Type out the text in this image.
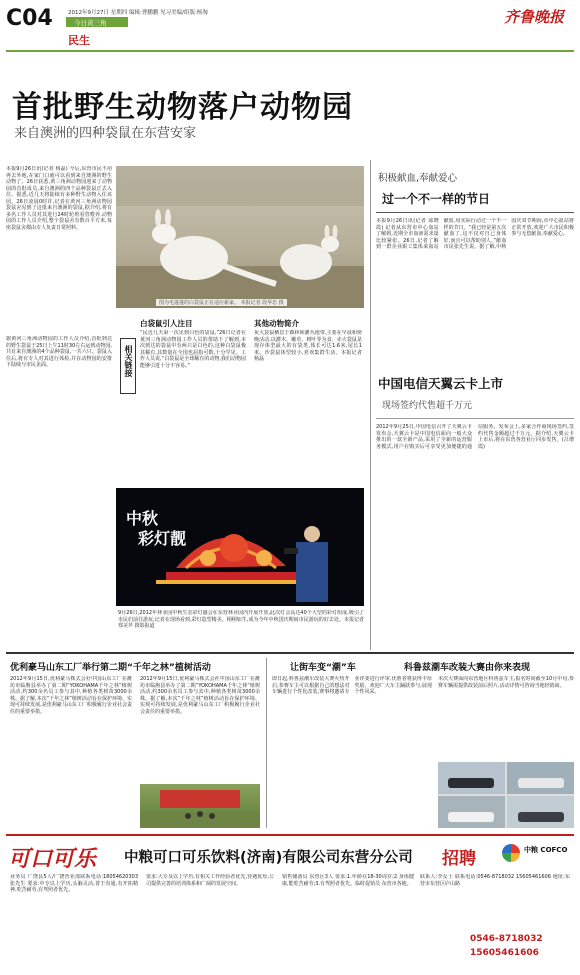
C04	2012年9月27日 星期四 编辑:曹鹏鹏 见习美编/组版:杨淘
今日黄三角
民生
齐鲁晚报
首批野生动物落户动物园
来自澳洲的四种袋鼠在东营安家
本报9月26日讯(记者 杨磊) 今后,东营市民不用再去外地,在家门口就可以看到来自澳洲的野生动物了。26日获悉,黄三角洲动物园迎来了动物园的首批成员,来自澳洲的四个品种袋鼠正式入住。据悉,近几天将陆续有多种野生动物入住该园。26日凌晨0时许,记者在黄河三角洲动物园袋鼠舍见到了这批来自澳洲的袋鼠,据介绍,将有多名工作人员对其进行24时轮班看管喂养,动物园的工作人员介绍,整个袋鼠舍有数百平方米,每座袋鼠舍都由专人负责日常照料。
据黄河三角洲动物园的工作人员介绍,首批到达的野生袋鼠于25日上午11时30左右运到动物园,共有来自澳洲的4个品种袋鼠,一共六只。袋鼠入住后,将有专人对其进行体检,并在动物园的安排下陆续与市民见面。
图为毛蓬蓬的白袋鼠正在适应新家。 本报记者 段华忠 摄
相关链接
白袋鼠引人注目
“民近几天第一次见到白色的袋鼠,”26日记者在黄河三角洲动物园工作人员的帮助下了解到,本次到达的袋鼠中有两只是白色的,这种白袋鼠极其稀有,其数量在全国也屈指可数,十分罕见。工作人员说,“白袋鼠是全球稀有的动物,我们动物园能够引进十分不容易。”
其他动物简介
灰大袋鼠栖息于森林和灌丛地带,主要在早晨和傍晚活动,以灌木、嫩草、树叶等为食。赤大袋鼠是现存体型最大的有袋类,体长可达1.6米,尾长1米。沙袋鼠体型较小,喜欢集群生活。本报记者 杨磊
中秋
彩灯靓
9月26日,2012年林业园中秋生态彩灯盛会在东营林业园内开展开放,此次灯会高达40个大型的彩灯组成,吸引了市民们前往游玩,记者在现场看到,彩灯造型精美、栩栩如生,成为今年中秋国庆期间市民游玩的好去处。本报记者 郑美芹 摄影报道
积极献血,奉献爱心
过一个不一样的节日
本报9月26日讯(记者 邱晓霞) 记者从东营市中心血站了解到,近期全市血液需求量比较紧张。26日,记者了解到一群企业职工集体来血站献血,用实际行动过一个不一样的节日。“我已经是第五次献血了,这不仅对自己身体好,而且可以帮助别人。”献血市民张先生说。据了解,中秋国庆双节期间,市中心血站将正常开放,欢迎广大市民积极参与无偿献血,奉献爱心。
中国电信天翼云卡上市
现场签约代售超千万元
2012年9月25日,中国电信召开了天翼云卡发布会,天翼云卡是中国电信面向一般大众推出的一款全新产品,采用了全新的运营服务模式,用户在购买后可享受更加便捷的通信服务。发布会上,多家合作商现场签约,签约代售金额超过千万元。据介绍,天翼云卡上市后,将在东营各营业厅同步发售。(吕增霞)
优利豪马山东工厂举行第二期“千年之林”植树活动
2012年9月15日,优利豪马株式会社中国山东工厂在潍坊市临朐县举办了第二期“YOKOHAMA千年之林”植树活动,约300余名员工参与其中,种植各类树苗3000余株。据了解,本次“千年之林”植树活动旨在保护环境、实现可持续发展,是优利豪马山东工厂积极履行企业社会责任的重要举措。
2012年9月15日,优利豪马株式会社中国山东工厂在潍坊市临朐县举办了第二期“YOKOHAMA千年之林”植树活动,约300余名员工参与其中,种植各类树苗3000余株。据了解,本次“千年之林”植树活动旨在保护环境、实现可持续发展,是优利豪马山东工厂积极履行企业社会责任的重要举措。
让街车变“潮”车
即日起,科鲁兹潮车改装大赛火热开启,参赛车主可以根据自己的想法对车辆进行个性化改装,赛事将邀请专业评委进行评审,优胜者将获得丰厚奖励。欢迎广大车主踊跃参与,展现个性风采。
科鲁兹潮车改装大赛由你来表现
本次大赛面向东营地区科鲁兹车主,报名时间截至10月中旬,参赛车辆需提供改装前后照片,活动详情可咨询当地经销商。
可口可乐 中粮可口可乐饮料(济南)有限公司东营分公司 招聘	中粮 COFCO
业务员 广饶县5人/广饶营业部联系电话:18054620303张先生 要求:中专以上学历,头脑灵活,善于沟通,有开拓精神,吃苦耐劳,有驾照者优先。
要求:大专及以上学历,有相关工作经验者优先,待遇优厚,公司提供完善的培训体系和广阔的发展空间。
销售储备员 东营区3人 要求:1.年龄在18-30周岁;2.身体健康,能吃苦耐劳;3.有驾照者优先。临时促销员 东营市各地。
联系人:李女士 联系电话:0546-8718032 15605461606 地址:东营市东营区庐山路
0546-8718032
15605461606
